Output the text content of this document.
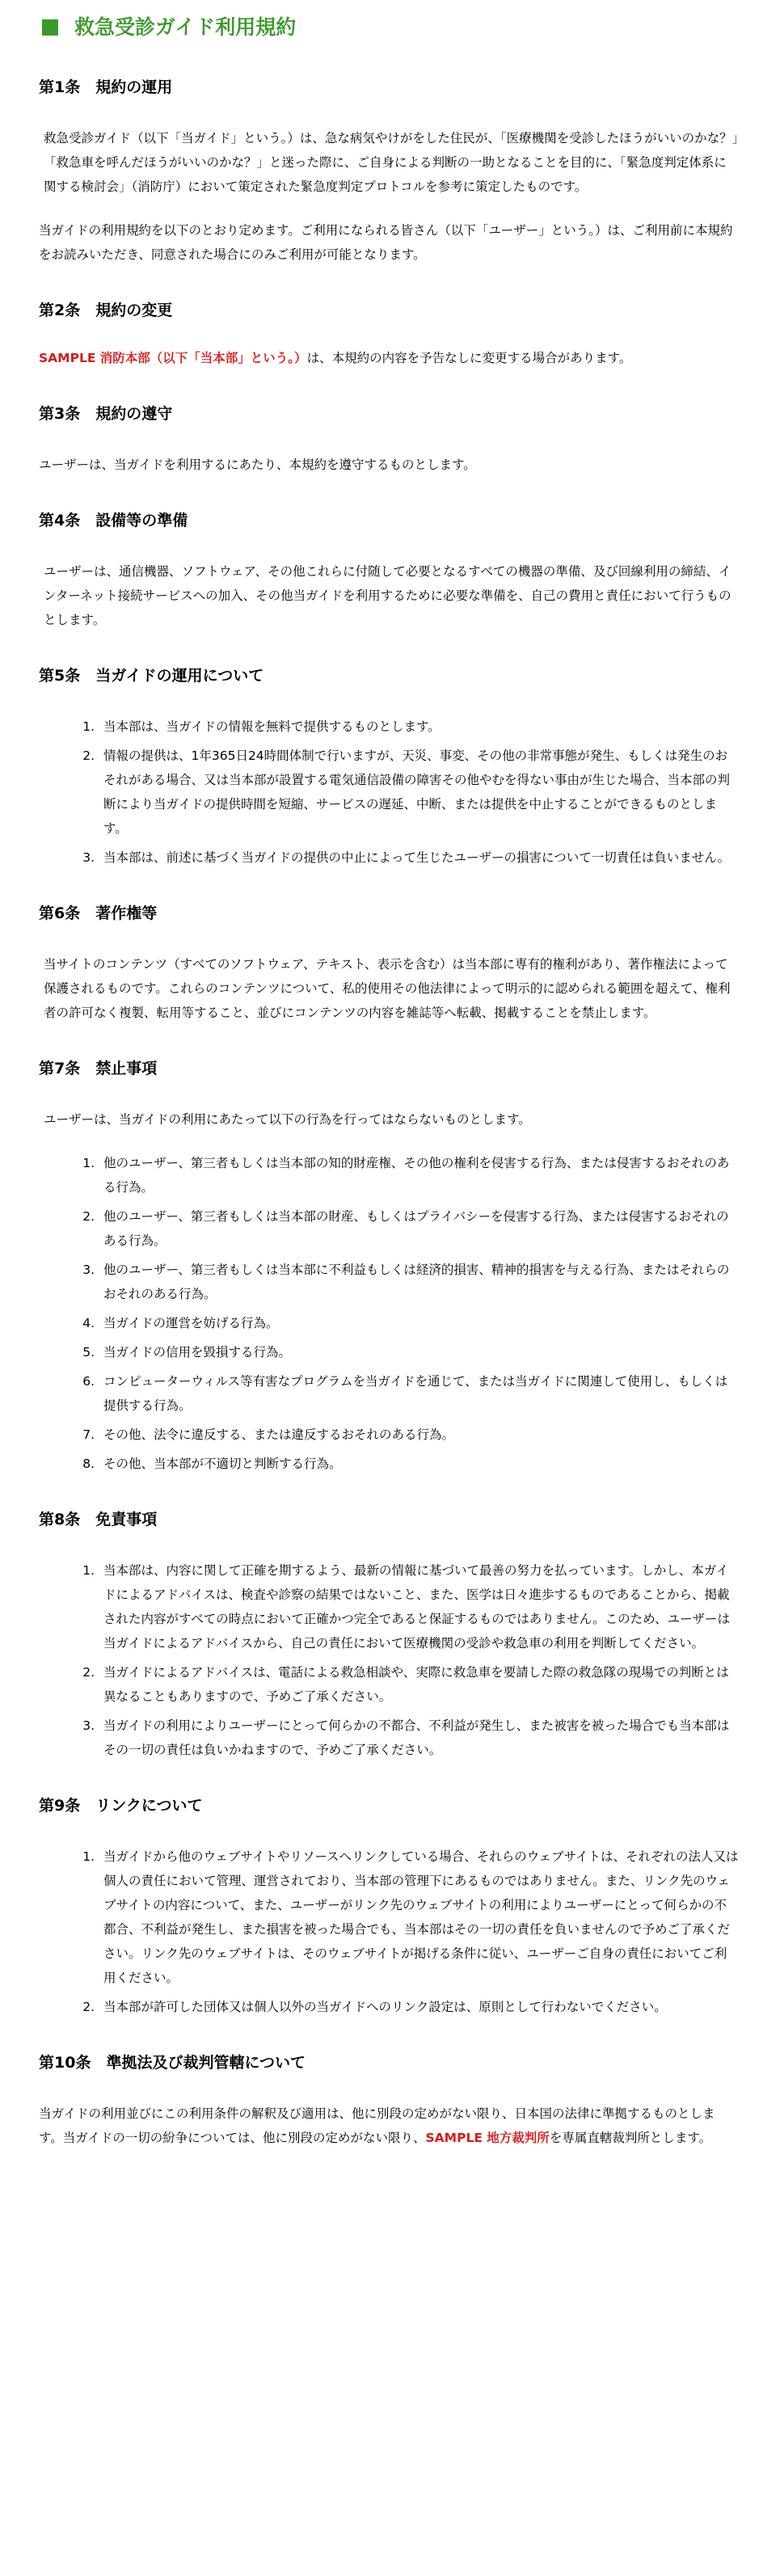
救急受診ガイド利用規約
第1条　規約の運用

救急受診ガイド（以下「当ガイド」という。）は、急な病気やけがをした住民が、「医療機関を受診したほうがいいのかな？」「救急車を呼んだほうがいいのかな？」と迷った際に、ご自身による判断の一助となることを目的に、「緊急度判定体系に関する検討会」（消防庁）において策定された緊急度判定プロトコルを参考に策定したものです。

当ガイドの利用規約を以下のとおり定めます。ご利用になられる皆さん（以下「ユーザー」という。）は、ご利用前に本規約をお読みいただき、同意された場合にのみご利用が可能となります。

第2条　規約の変更

SAMPLE 消防本部（以下「当本部」という。）は、本規約の内容を予告なしに変更する場合があります。

第3条　規約の遵守

ユーザーは、当ガイドを利用するにあたり、本規約を遵守するものとします。

第4条　設備等の準備

ユーザーは、通信機器、ソフトウェア、その他これらに付随して必要となるすべての機器の準備、及び回線利用の締結、インターネット接続サービスへの加入、その他当ガイドを利用するために必要な準備を、自己の費用と責任において行うものとします。

第5条　当ガイドの運用について
1. 当本部は、当ガイドの情報を無料で提供するものとします。
2. 情報の提供は、1年365日24時間体制で行いますが、天災、事変、その他の非常事態が発生、もしくは発生のおそれがある場合、又は当本部が設置する電気通信設備の障害その他やむを得ない事由が生じた場合、当本部の判断により当ガイドの提供時間を短縮、サービスの遅延、中断、または提供を中止することができるものとします。
3. 当本部は、前述に基づく当ガイドの提供の中止によって生じたユーザーの損害について一切責任は負いません。
第6条　著作権等

当サイトのコンテンツ（すべてのソフトウェア、テキスト、表示を含む）は当本部に専有的権利があり、著作権法によって保護されるものです。これらのコンテンツについて、私的使用その他法律によって明示的に認められる範囲を超えて、権利者の許可なく複製、転用等すること、並びにコンテンツの内容を雑誌等へ転載、掲載することを禁止します。

第7条　禁止事項

ユーザーは、当ガイドの利用にあたって以下の行為を行ってはならないものとします。

1. 他のユーザー、第三者もしくは当本部の知的財産権、その他の権利を侵害する行為、または侵害するおそれのある行為。
2. 他のユーザー、第三者もしくは当本部の財産、もしくはプライバシーを侵害する行為、または侵害するおそれのある行為。
3. 他のユーザー、第三者もしくは当本部に不利益もしくは経済的損害、精神的損害を与える行為、またはそれらのおそれのある行為。
4. 当ガイドの運営を妨げる行為。
5. 当ガイドの信用を毀損する行為。
6. コンピューターウィルス等有害なプログラムを当ガイドを通じて、または当ガイドに関連して使用し、もしくは提供する行為。
7. その他、法令に違反する、または違反するおそれのある行為。
8. その他、当本部が不適切と判断する行為。
第8条　免責事項
1. 当本部は、内容に関して正確を期するよう、最新の情報に基づいて最善の努力を払っています。しかし、本ガイドによるアドバイスは、検査や診察の結果ではないこと、また、医学は日々進歩するものであることから、掲載された内容がすべての時点において正確かつ完全であると保証するものではありません。このため、ユーザーは当ガイドによるアドバイスから、自己の責任において医療機関の受診や救急車の利用を判断してください。
2. 当ガイドによるアドバイスは、電話による救急相談や、実際に救急車を要請した際の救急隊の現場での判断とは異なることもありますので、予めご了承ください。
3. 当ガイドの利用によりユーザーにとって何らかの不都合、不利益が発生し、また被害を被った場合でも当本部はその一切の責任は負いかねますので、予めご了承ください。
第9条　リンクについて
1. 当ガイドから他のウェブサイトやリソースへリンクしている場合、それらのウェブサイトは、それぞれの法人又は個人の責任において管理、運営されており、当本部の管理下にあるものではありません。また、リンク先のウェブサイトの内容について、また、ユーザーがリンク先のウェブサイトの利用によりユーザーにとって何らかの不都合、不利益が発生し、また損害を被った場合でも、当本部はその一切の責任を負いませんので予めご了承ください。リンク先のウェブサイトは、そのウェブサイトが掲げる条件に従い、ユーザーご自身の責任においてご利用ください。
2. 当本部が許可した団体又は個人以外の当ガイドへのリンク設定は、原則として行わないでください。
第10条　準拠法及び裁判管轄について

当ガイドの利用並びにこの利用条件の解釈及び適用は、他に別段の定めがない限り、日本国の法律に準拠するものとします。当ガイドの一切の紛争については、他に別段の定めがない限り、SAMPLE 地方裁判所を専属直轄裁判所とします。
